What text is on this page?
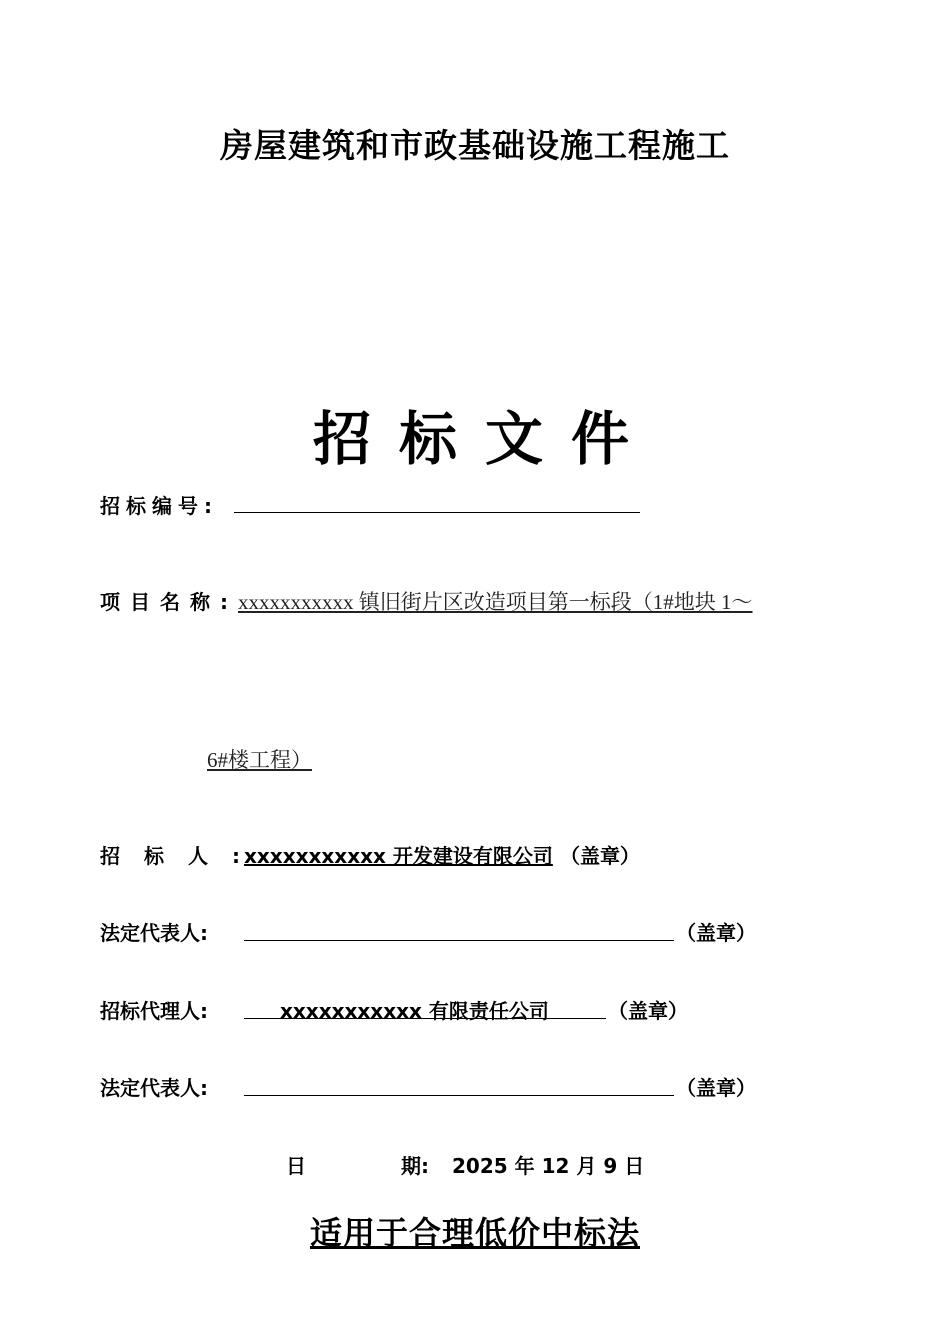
房屋建筑和市政基础设施工程施工
招标文件
招标编号:
项目名称: xxxxxxxxxxx 镇旧街片区改造项目第一标段（1#地块 1～
6#楼工程）
招标人:
xxxxxxxxxxx 开发建设有限公司 （盖章）
法定代表人:	（盖章）
招标代理人:	xxxxxxxxxxx 有限责任公司	（盖章）
法定代表人:	（盖章）
日	期: 2025 年 12 月 9 日
适用于合理低价中标法
